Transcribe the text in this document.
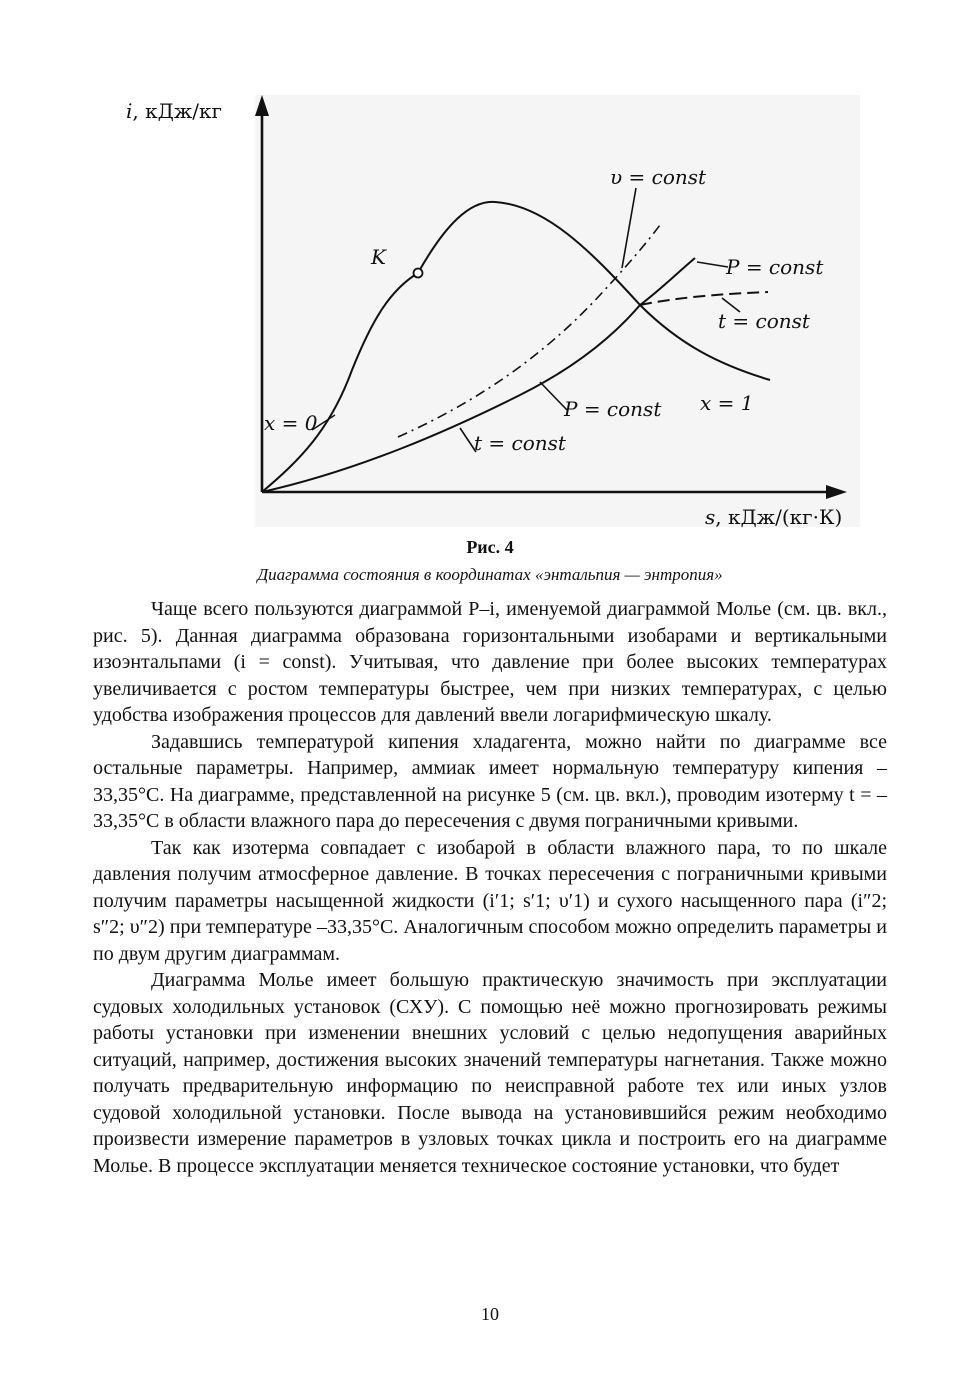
i, кДж/кг
s, кДж/(кг·К)
K
x = 0
x = 1
υ = const
P = const
t = const
P = const
t = const
Рис. 4
Диаграмма состояния в координатах «энтальпия — энтропия»

Чаще всего пользуются диаграммой P–i, именуемой диаграммой Молье (см. цв. вкл., рис. 5). Данная диаграмма образована горизонтальными изобарами и вертикальными изоэнтальпами (i = const). Учитывая, что давление при более высоких температурах увеличивается с ростом температуры быстрее, чем при низких температурах, с целью удобства изображения процессов для давлений ввели логарифмическую шкалу.

Задавшись температурой кипения хладагента, можно найти по диаграмме все остальные параметры. Например, аммиак имеет нормальную температуру кипения –33,35°С. На диаграмме, представленной на рисунке 5 (см. цв. вкл.), проводим изотерму t = –33,35°С в области влажного пара до пересечения с двумя пограничными кривыми.

Так как изотерма совпадает с изобарой в области влажного пара, то по шкале давления получим атмосферное давление. В точках пересечения с пограничными кривыми получим параметры насыщенной жидкости (i′1; s′1; υ′1) и сухого насыщенного пара (i″2; s″2; υ″2) при температуре –33,35°С. Аналогичным способом можно определить параметры и по двум другим диаграммам.

Диаграмма Молье имеет большую практическую значимость при эксплуатации судовых холодильных установок (СХУ). С помощью неё можно прогнозировать режимы работы установки при изменении внешних условий с целью недопущения аварийных ситуаций, например, достижения высоких значений температуры нагнетания. Также можно получать предварительную информацию по неисправной работе тех или иных узлов судовой холодильной установки. После вывода на установившийся режим необходимо произвести измерение параметров в узловых точках цикла и построить его на диаграмме Молье. В процессе эксплуатации меняется техническое состояние установки, что будет

10
